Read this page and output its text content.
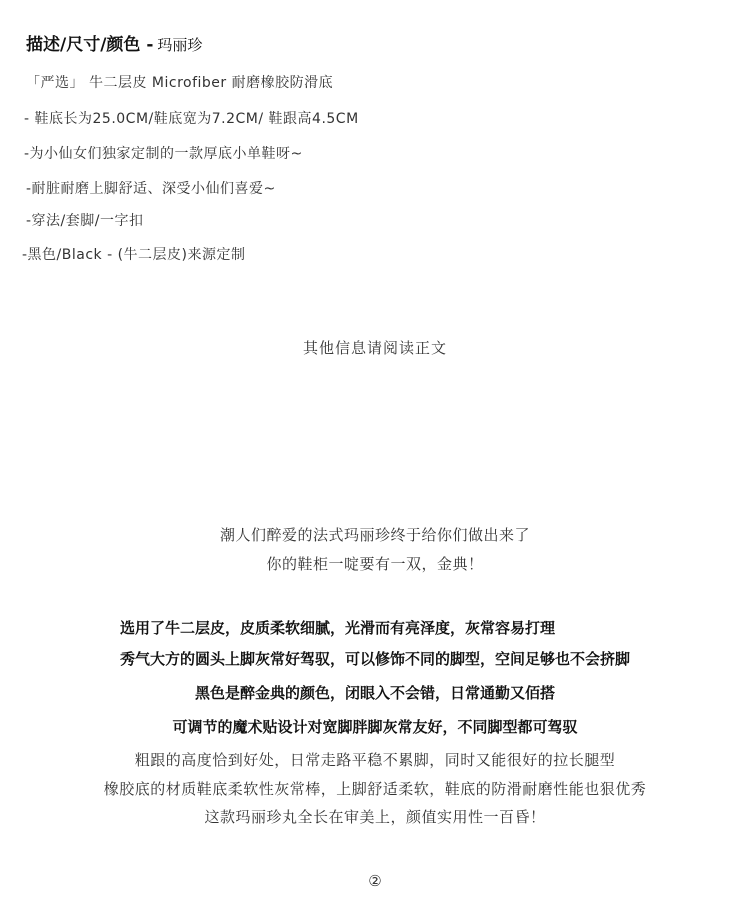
描述/尺寸/颜色 - 玛丽珍
「严选」 牛二层皮 Microfiber 耐磨橡胶防滑底
- 鞋底长为25.0CM/鞋底宽为7.2CM/ 鞋跟高4.5CM
-为小仙女们独家定制的一款厚底小单鞋呀~
-耐脏耐磨上脚舒适、深受小仙们喜爱~
-穿法/套脚/一字扣
-黑色/Black - (牛二层皮)来源定制
其他信息请阅读正文
潮人们醉爱的法式玛丽珍终于给你们做出来了
你的鞋柜一啶要有一双，金典！
选用了牛二层皮，皮质柔软细腻，光滑而有亮泽度，灰常容易打理
秀气大方的圆头上脚灰常好驾驭，可以修饰不同的脚型，空间足够也不会挤脚
黑色是醉金典的颜色，闭眼入不会错，日常通勤又佰搭
可调节的魔术贴设计对宽脚胖脚灰常友好，不同脚型都可驾驭
粗跟的高度恰到好处，日常走路平稳不累脚，同时又能很好的拉长腿型
橡胶底的材质鞋底柔软性灰常棒，上脚舒适柔软，鞋底的防滑耐磨性能也狠优秀
这款玛丽珍丸全长在审美上，颜值实用性一百昏！
②
